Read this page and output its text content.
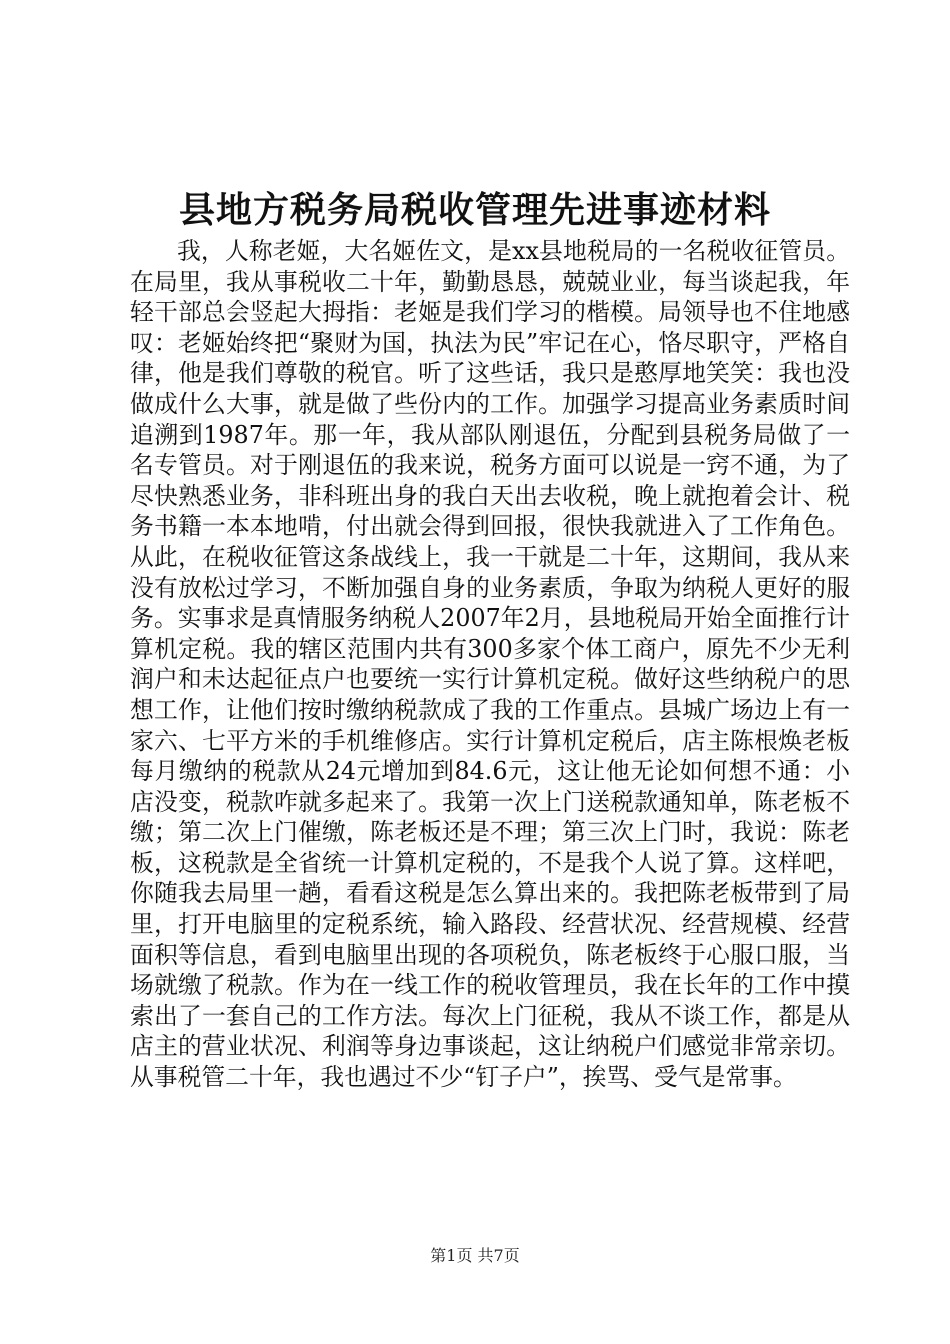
县地方税务局税收管理先进事迹材料

我，人称老姬，大名姬佐文，是xx县地税局的一名税收征管员。在局里，我从事税收二十年，勤勤恳恳，兢兢业业，每当谈起我，年轻干部总会竖起大拇指：老姬是我们学习的楷模。局领导也不住地感叹：老姬始终把“聚财为国，执法为民”牢记在心，恪尽职守，严格自律，他是我们尊敬的税官。听了这些话，我只是憨厚地笑笑：我也没做成什么大事，就是做了些份内的工作。加强学习提高业务素质时间追溯到1987年。那一年，我从部队刚退伍，分配到县税务局做了一名专管员。对于刚退伍的我来说，税务方面可以说是一窍不通，为了尽快熟悉业务，非科班出身的我白天出去收税，晚上就抱着会计、税务书籍一本本地啃，付出就会得到回报，很快我就进入了工作角色。从此，在税收征管这条战线上，我一干就是二十年，这期间，我从来没有放松过学习，不断加强自身的业务素质，争取为纳税人更好的服务。实事求是真情服务纳税人2007年2月，县地税局开始全面推行计算机定税。我的辖区范围内共有300多家个体工商户，原先不少无利润户和未达起征点户也要统一实行计算机定税。做好这些纳税户的思想工作，让他们按时缴纳税款成了我的工作重点。县城广场边上有一家六、七平方米的手机维修店。实行计算机定税后，店主陈根焕老板每月缴纳的税款从24元增加到84.6元，这让他无论如何想不通：小店没变，税款咋就多起来了。我第一次上门送税款通知单，陈老板不缴；第二次上门催缴，陈老板还是不理；第三次上门时，我说：陈老板，这税款是全省统一计算机定税的，不是我个人说了算。这样吧，你随我去局里一趟，看看这税是怎么算出来的。我把陈老板带到了局里，打开电脑里的定税系统，输入路段、经营状况、经营规模、经营面积等信息，看到电脑里出现的各项税负，陈老板终于心服口服，当场就缴了税款。作为在一线工作的税收管理员，我在长年的工作中摸索出了一套自己的工作方法。每次上门征税，我从不谈工作，都是从店主的营业状况、利润等身边事谈起，这让纳税户们感觉非常亲切。从事税管二十年，我也遇过不少“钉子户”，挨骂、受气是常事。

第1页 共7页
